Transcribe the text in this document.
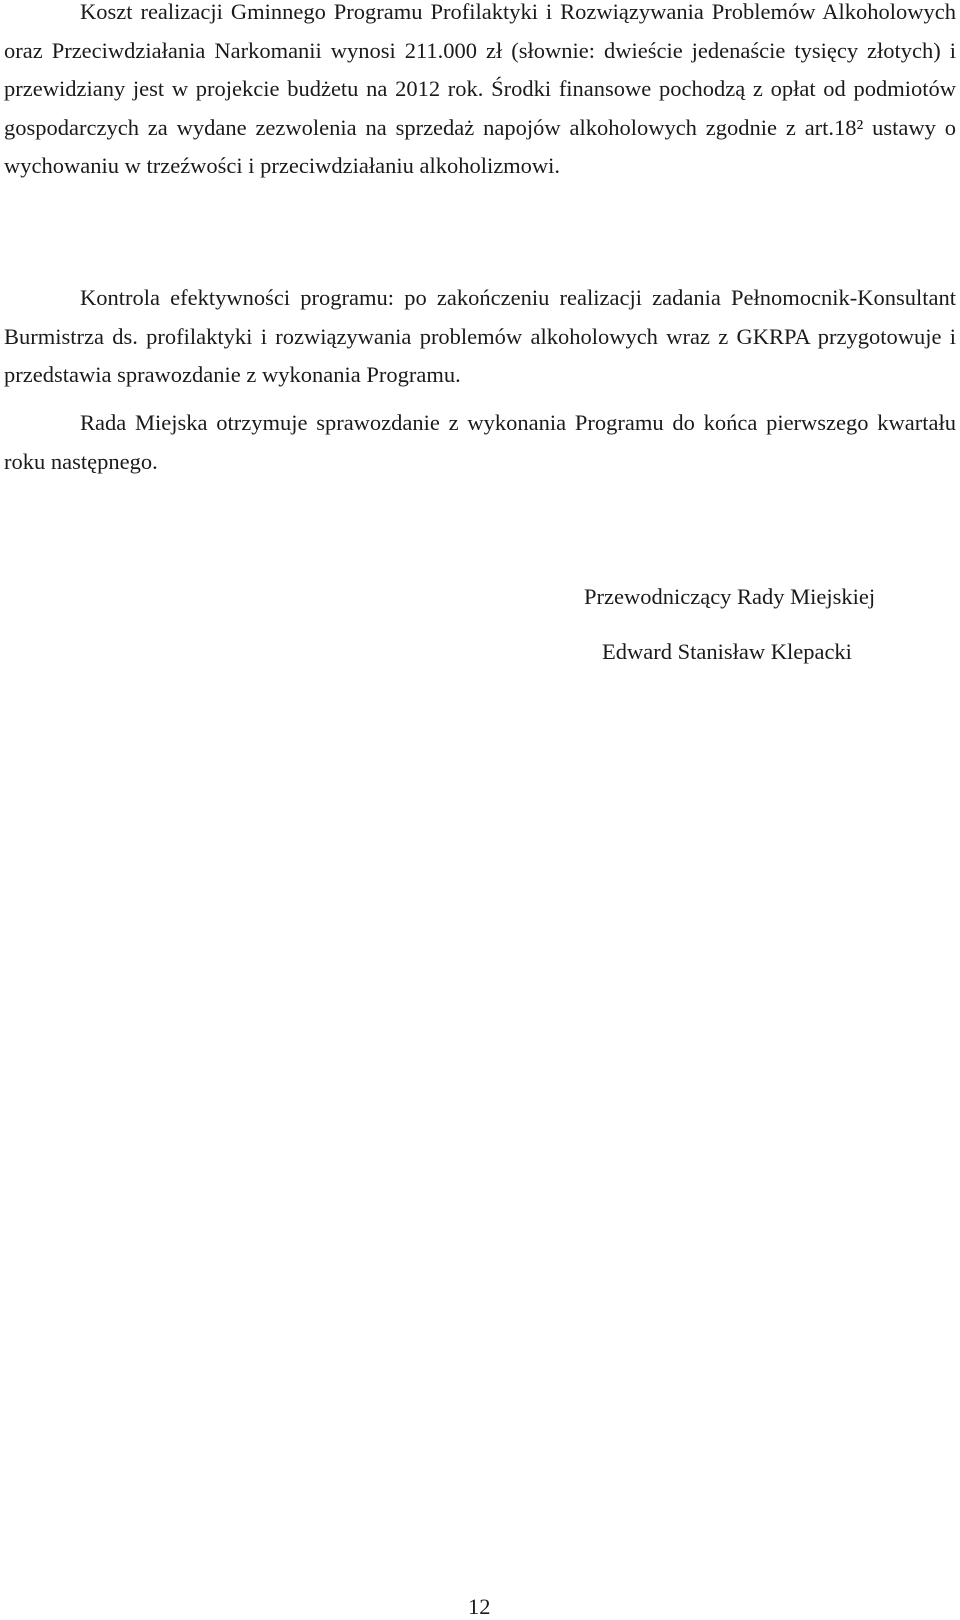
Koszt realizacji Gminnego Programu Profilaktyki i Rozwiązywania Problemów Alkoholowych oraz Przeciwdziałania Narkomanii wynosi 211.000 zł (słownie: dwieście jedenaście tysięcy złotych) i przewidziany jest w projekcie budżetu na 2012 rok. Środki finansowe pochodzą z opłat od podmiotów gospodarczych za wydane zezwolenia na sprzedaż napojów alkoholowych zgodnie z art.18² ustawy o wychowaniu w trzeźwości i przeciwdziałaniu alkoholizmowi.

Kontrola efektywności programu: po zakończeniu realizacji zadania Pełnomocnik-Konsultant Burmistrza ds. profilaktyki i rozwiązywania problemów alkoholowych wraz z GKRPA przygotowuje i przedstawia sprawozdanie z wykonania Programu.

Rada Miejska otrzymuje sprawozdanie z wykonania Programu do końca pierwszego kwartału roku następnego.

Przewodniczący Rady Miejskiej

Edward Stanisław Klepacki

12
